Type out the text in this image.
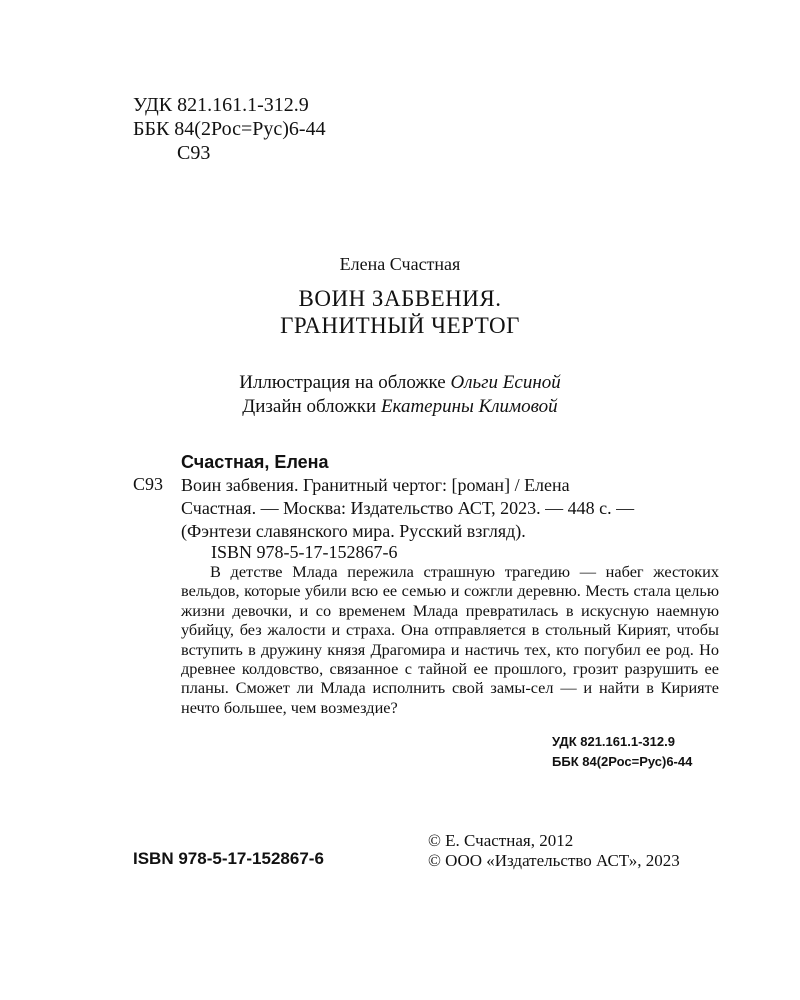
УДК 821.161.1-312.9
ББК 84(2Рос=Рус)6-44
С93
Елена Счастная
ВОИН ЗАБВЕНИЯ.
ГРАНИТНЫЙ ЧЕРТОГ
Иллюстрация на обложке Ольги Есиной
Дизайн обложки Екатерины Климовой
Счастная, Елена
С93 Воин забвения. Гранитный чертог: [роман] / Елена
Счастная. — Москва: Издательство АСТ, 2023. — 448 с. —
(Фэнтези славянского мира. Русский взгляд).
ISBN 978-5-17-152867-6

В детстве Млада пережила страшную трагедию — набег жестоких вельдов, которые убили всю ее семью и сожгли деревню. Месть стала целью жизни девочки, и со временем Млада превратилась в искусную наемную убийцу, без жалости и страха. Она отправляется в стольный Кирият, чтобы вступить в дружину князя Драгомира и настичь тех, кто погубил ее род. Но древнее колдовство, связанное с тайной ее прошлого, грозит разрушить ее планы. Сможет ли Млада исполнить свой замы-сел — и найти в Кирияте нечто большее, чем возмездие?

УДК 821.161.1-312.9
ББК 84(2Рос=Рус)6-44
ISBN 978-5-17-152867-6
© Е. Счастная, 2012
© ООО «Издательство АСТ», 2023
